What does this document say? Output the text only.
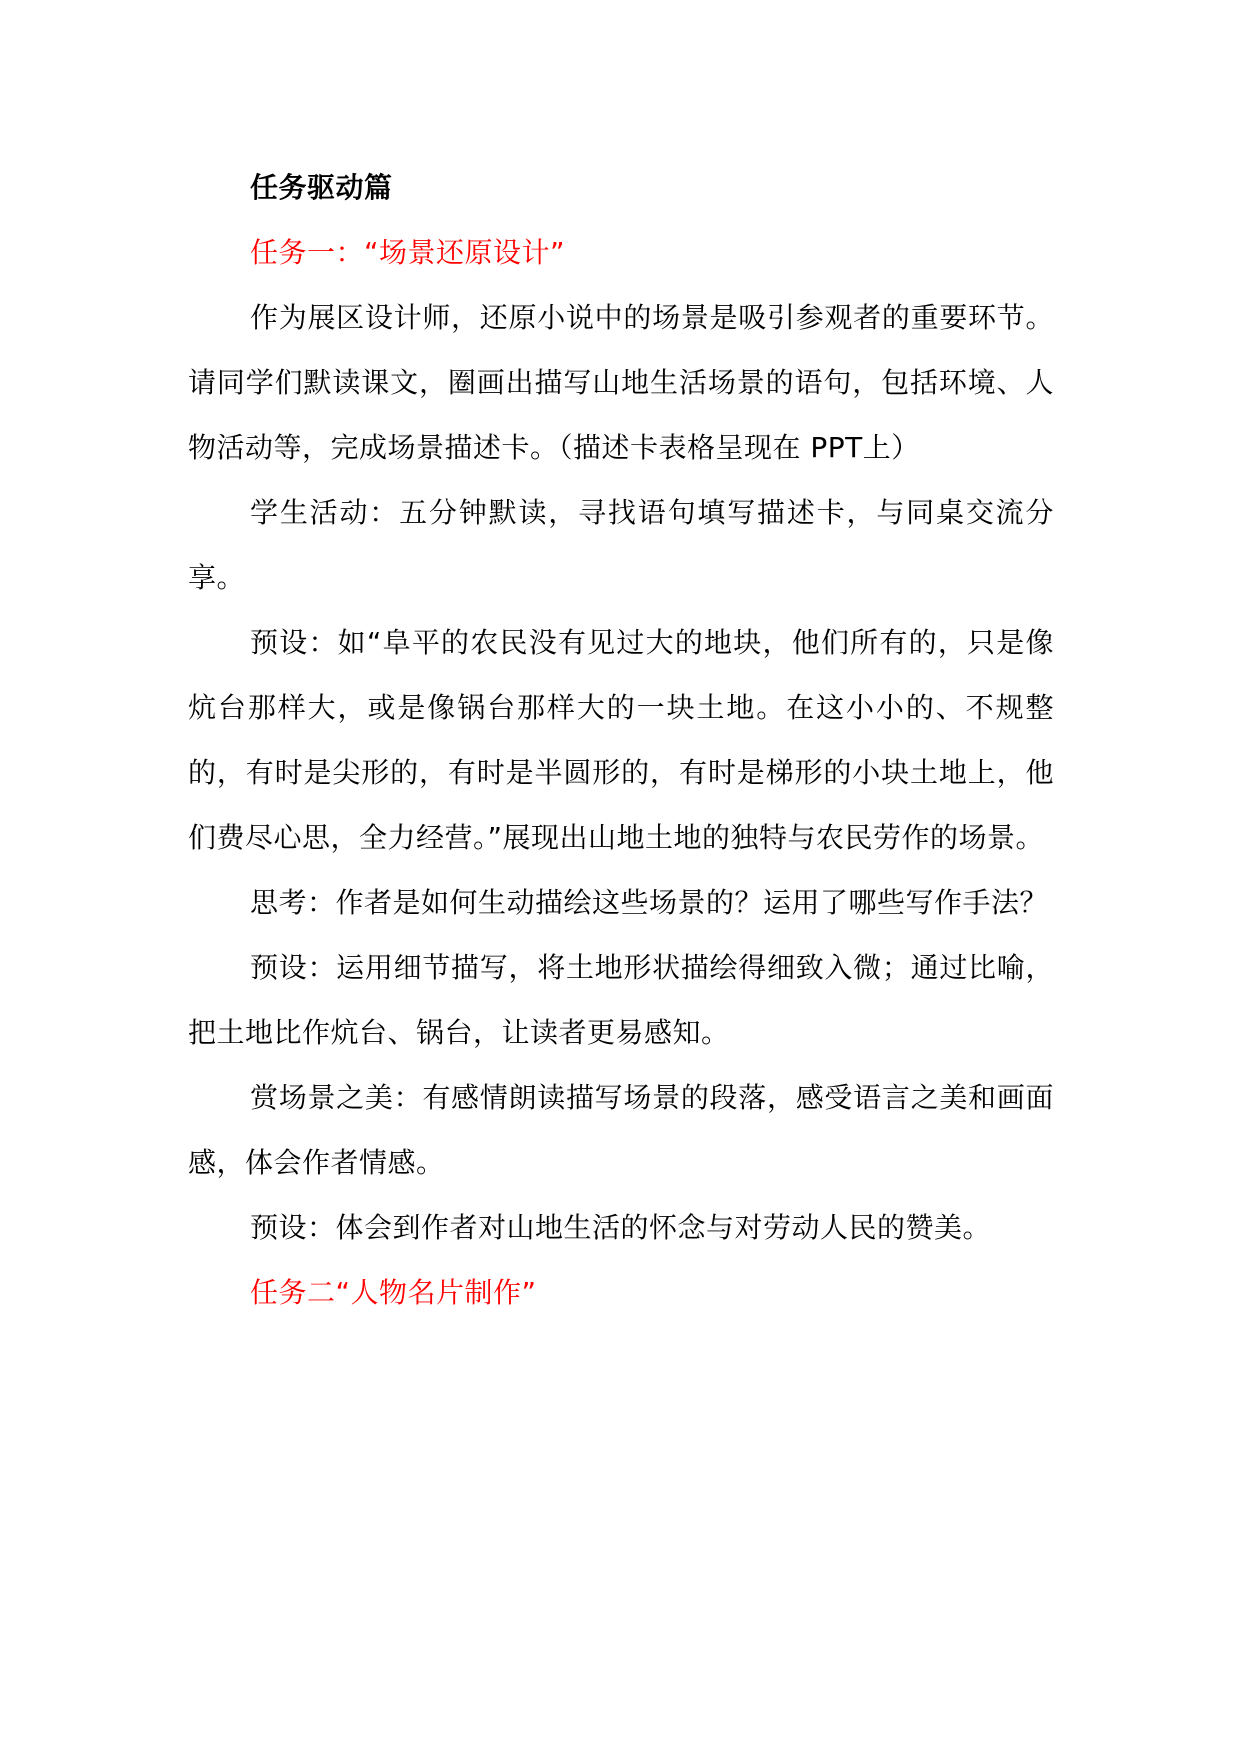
任务驱动篇

任务一：“场景还原设计”

作为展区设计师，还原小说中的场景是吸引参观者的重要环节。请同学们默读课文，圈画出描写山地生活场景的语句，包括环境、人物活动等，完成场景描述卡。（描述卡表格呈现在 PPT上）

学生活动：五分钟默读，寻找语句填写描述卡，与同桌交流分享。

预设：如“阜平的农民没有见过大的地块，他们所有的，只是像炕台那样大，或是像锅台那样大的一块土地。在这小小的、不规整的，有时是尖形的，有时是半圆形的，有时是梯形的小块土地上，他们费尽心思，全力经营。”展现出山地土地的独特与农民劳作的场景。

思考：作者是如何生动描绘这些场景的？运用了哪些写作手法？

预设：运用细节描写，将土地形状描绘得细致入微；通过比喻，把土地比作炕台、锅台，让读者更易感知。

赏场景之美：有感情朗读描写场景的段落，感受语言之美和画面感，体会作者情感。

预设：体会到作者对山地生活的怀念与对劳动人民的赞美。

任务二“人物名片制作”
